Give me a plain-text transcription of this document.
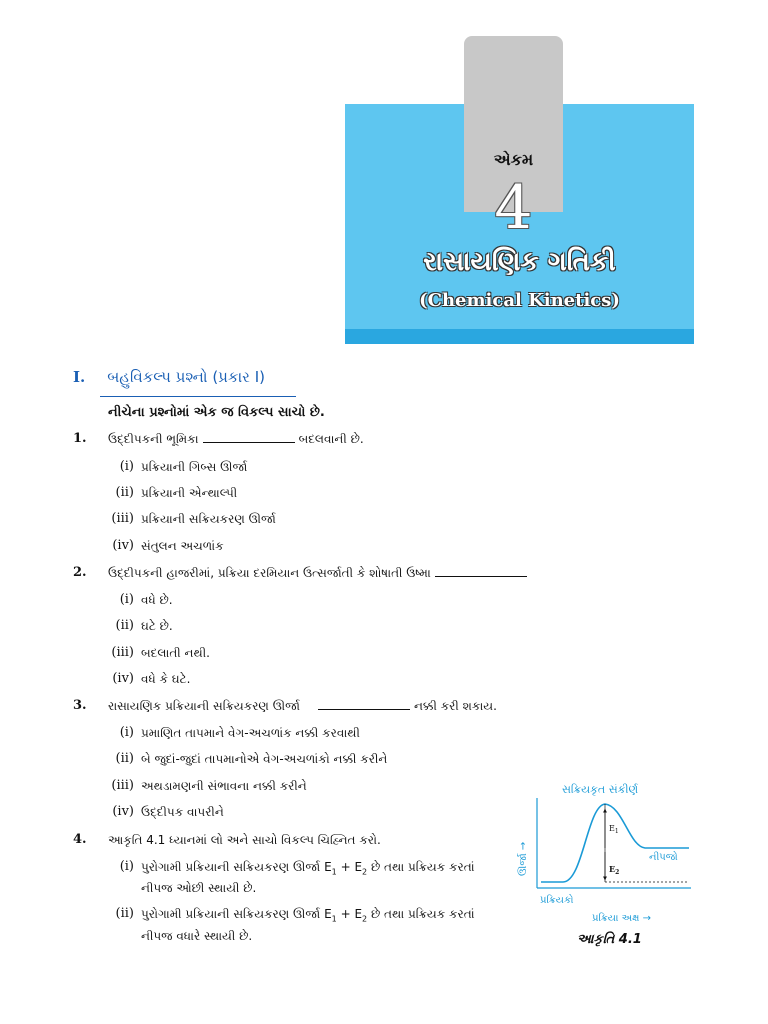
એકમ
4
રાસાયણિક ગતિકી
(Chemical Kinetics)
I. બહુવિકલ્પ પ્રશ્નો (પ્રકાર I)
નીચેના પ્રશ્નોમાં એક જ વિકલ્પ સાચો છે.
1. ઉદ્દીપકની ભૂમિકા	બદલવાની છે.
(i) પ્રક્રિયાની ગિબ્સ ઊર્જા
(ii) પ્રક્રિયાની એન્થાલ્પી
(iii) પ્રક્રિયાની સક્રિયકરણ ઊર્જા
(iv) સંતુલન અચળાંક
2. ઉદ્દીપકની હાજરીમાં, પ્રક્રિયા દરમિયાન ઉત્સર્જાતી કે શોષાતી ઉષ્મા
(i) વધે છે.
(ii) ઘટે છે.
(iii) બદલાતી નથી.
(iv) વધે કે ઘટે.
3. રાસાયણિક પ્રક્રિયાની સક્રિયકરણ ઊર્જા	નક્કી કરી શકાય.
(i) પ્રમાણિત તાપમાને વેગ-અચળાંક નક્કી કરવાથી
(ii) બે જુદાં-જુદાં તાપમાનોએ વેગ-અચળાંકો નક્કી કરીને
(iii) અથડામણની સંભાવના નક્કી કરીને
(iv) ઉદ્દીપક વાપરીને
4. આકૃતિ 4.1 ધ્યાનમાં લો અને સાચો વિકલ્પ ચિહ્નિત કરો.
(i) પુરોગામી પ્રક્રિયાની સક્રિયકરણ ઊર્જા $E_1 + E_2$ છે તથા પ્રક્રિયક કરતાં
નીપજ ઓછી સ્થાયી છે.
(ii) પુરોગામી પ્રક્રિયાની સક્રિયકરણ ઊર્જા $E_1 + E_2$ છે તથા પ્રક્રિયક કરતાં
નીપજ વધારે સ્થાયી છે.
સક્રિયકૃત સંકીર્ણ
ઊર્જા →
$E_1$
$E_2$
નીપજો
પ્રક્રિયકો
પ્રક્રિયા અક્ષ →
આકૃતિ 4.1
